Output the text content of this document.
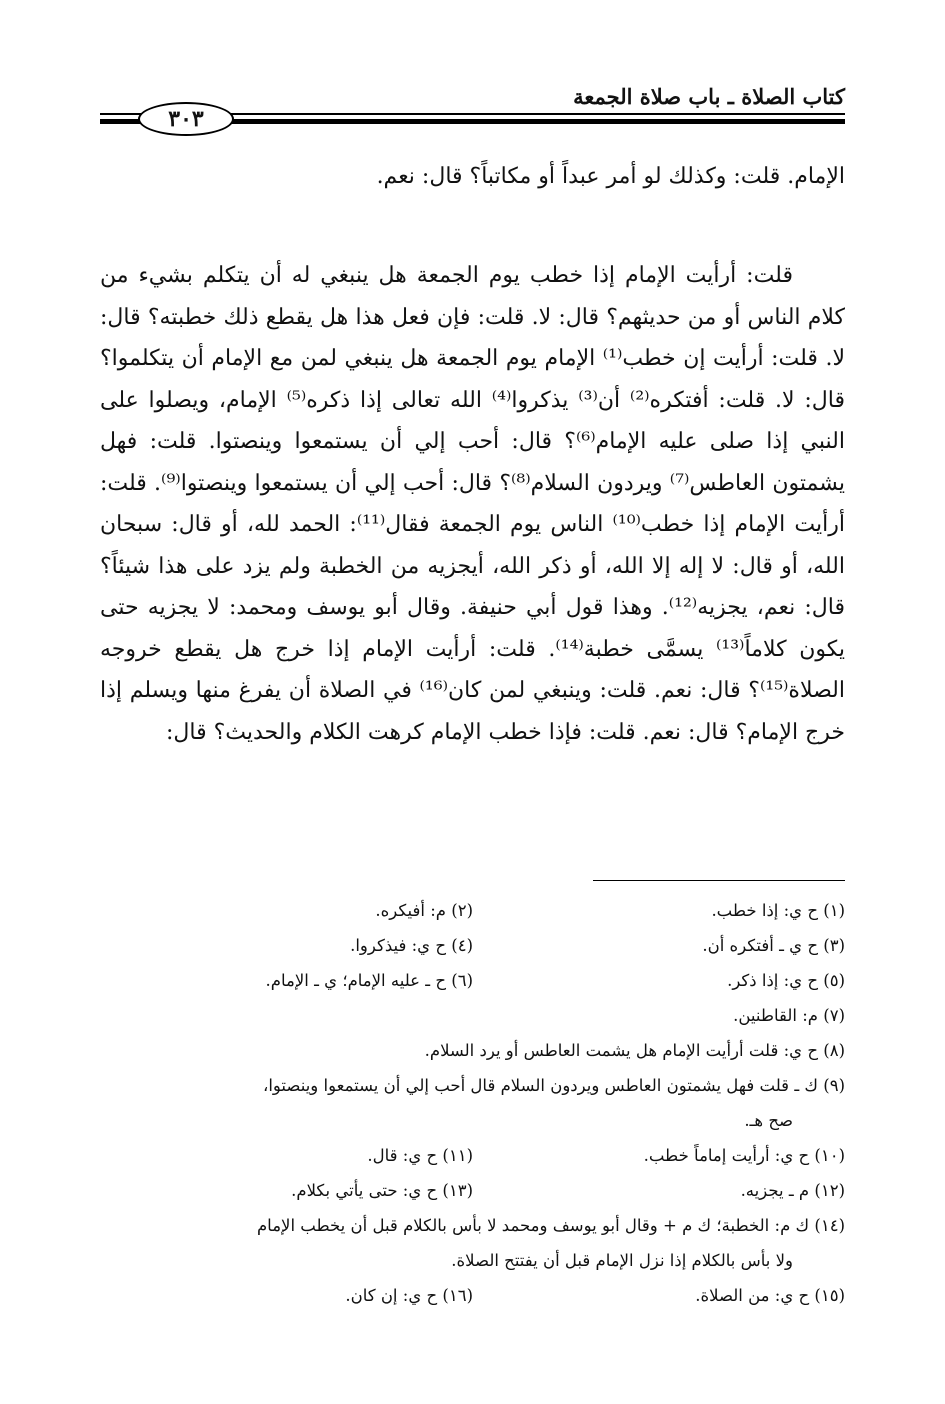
كتاب الصلاة ـ باب صلاة الجمعة
٣٠٣
الإمام. قلت: وكذلك لو أمر عبداً أو مكاتباً؟ قال: نعم.

قلت: أرأيت الإمام إذا خطب يوم الجمعة هل ينبغي له أن يتكلم بشيء من كلام الناس أو من حديثهم؟ قال: لا. قلت: فإن فعل هذا هل يقطع ذلك خطبته؟ قال: لا. قلت: أرأيت إن خطب⁽¹⁾ الإمام يوم الجمعة هل ينبغي لمن مع الإمام أن يتكلموا؟ قال: لا. قلت: أفتكره⁽²⁾ أن⁽³⁾ يذكروا⁽⁴⁾ الله تعالى إذا ذكره⁽⁵⁾ الإمام، ويصلوا على النبي إذا صلى عليه الإمام⁽⁶⁾؟ قال: أحب إلي أن يستمعوا وينصتوا. قلت: فهل يشمتون العاطس⁽⁷⁾ ويردون السلام⁽⁸⁾؟ قال: أحب إلي أن يستمعوا وينصتوا⁽⁹⁾. قلت: أرأيت الإمام إذا خطب⁽¹⁰⁾ الناس يوم الجمعة فقال⁽¹¹⁾: الحمد لله، أو قال: سبحان الله، أو قال: لا إله إلا الله، أو ذكر الله، أيجزيه من الخطبة ولم يزد على هذا شيئاً؟ قال: نعم، يجزيه⁽¹²⁾. وهذا قول أبي حنيفة. وقال أبو يوسف ومحمد: لا يجزيه حتى يكون كلاماً⁽¹³⁾ يسمَّى خطبة⁽¹⁴⁾. قلت: أرأيت الإمام إذا خرج هل يقطع خروجه الصلاة⁽¹⁵⁾؟ قال: نعم. قلت: وينبغي لمن كان⁽¹⁶⁾ في الصلاة أن يفرغ منها ويسلم إذا خرج الإمام؟ قال: نعم. قلت: فإذا خطب الإمام كرهت الكلام والحديث؟ قال:

(١) ح ي: إذا خطب.
(٢) م: أفيكره.
(٣) ح ي ـ أفتكره أن.
(٤) ح ي: فيذكروا.
(٥) ح ي: إذا ذكر.
(٦) ح ـ عليه الإمام؛ ي ـ الإمام.
(٧) م: القاطنين.
(٨) ح ي: قلت أرأيت الإمام هل يشمت العاطس أو يرد السلام.
(٩) ك ـ قلت فهل يشمتون العاطس ويردون السلام قال أحب إلي أن يستمعوا وينصتوا،
صح هـ.
(١٠) ح ي: أرأيت إماماً خطب.
(١١) ح ي: قال.
(١٢) م ـ يجزيه.
(١٣) ح ي: حتى يأتي بكلام.
(١٤) ك م: الخطبة؛ ك م + وقال أبو يوسف ومحمد لا بأس بالكلام قبل أن يخطب الإمام
ولا بأس بالكلام إذا نزل الإمام قبل أن يفتتح الصلاة.
(١٥) ح ي: من الصلاة.
(١٦) ح ي: إن كان.
